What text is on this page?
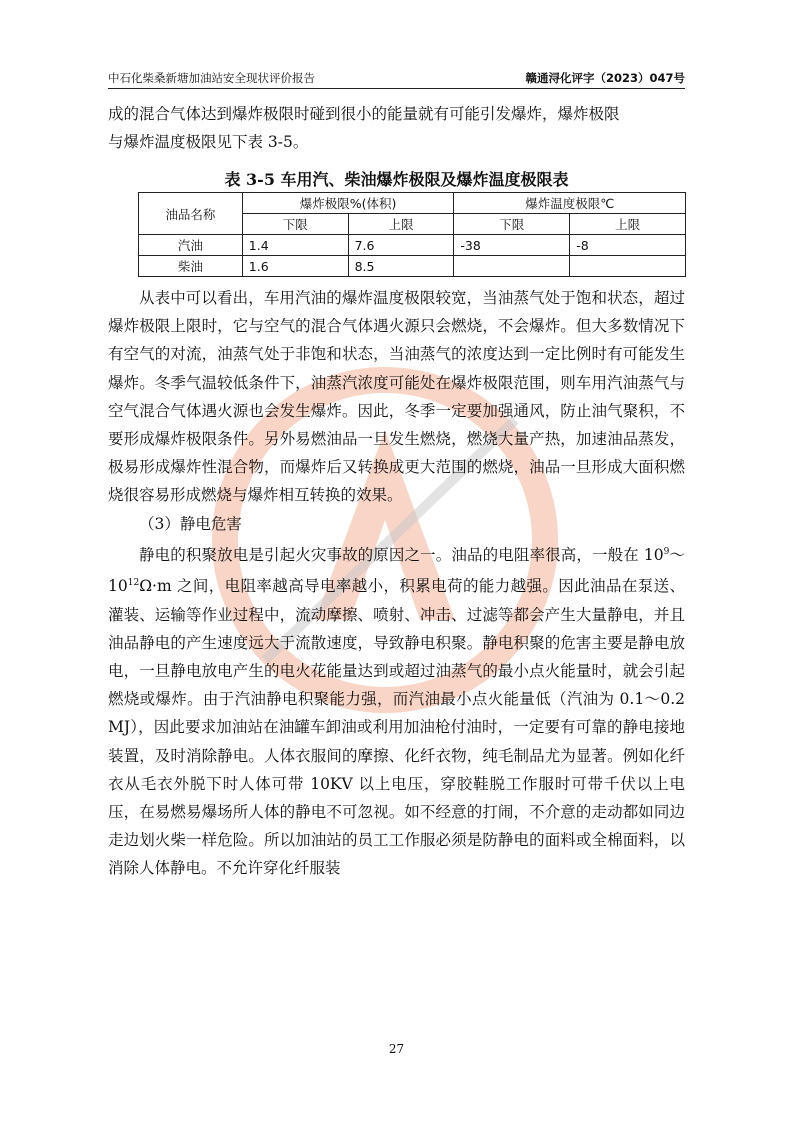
中石化柴桑新塘加油站安全现状评价报告	赣通浔化评字（2023）047号

成的混合气体达到爆炸极限时碰到很小的能量就有可能引发爆炸，爆炸极限

与爆炸温度极限见下表 3-5。

表 3-5 车用汽、柴油爆炸极限及爆炸温度极限表
油品名称	爆炸极限%(体积)		爆炸温度极限℃	
	下限	上限	下限	上限
汽油	1.4	7.6	-38	-8
柴油	1.6	8.5		

从表中可以看出，车用汽油的爆炸温度极限较宽，当油蒸气处于饱和状态，超过爆炸极限上限时，它与空气的混合气体遇火源只会燃烧，不会爆炸。但大多数情况下有空气的对流，油蒸气处于非饱和状态，当油蒸气的浓度达到一定比例时有可能发生爆炸。冬季气温较低条件下，油蒸汽浓度可能处在爆炸极限范围，则车用汽油蒸气与空气混合气体遇火源也会发生爆炸。因此，冬季一定要加强通风，防止油气聚积，不要形成爆炸极限条件。另外易燃油品一旦发生燃烧，燃烧大量产热，加速油品蒸发，极易形成爆炸性混合物，而爆炸后又转换成更大范围的燃烧，油品一旦形成大面积燃烧很容易形成燃烧与爆炸相互转换的效果。

（3）静电危害

静电的积聚放电是引起火灾事故的原因之一。油品的电阻率很高，一般在 $10^9\sim 10^{12}\Omega\cdot m$ 之间，电阻率越高导电率越小，积累电荷的能力越强。因此油品在泵送、灌装、运输等作业过程中，流动摩擦、喷射、冲击、过滤等都会产生大量静电，并且油品静电的产生速度远大于流散速度，导致静电积聚。静电积聚的危害主要是静电放电，一旦静电放电产生的电火花能量达到或超过油蒸气的最小点火能量时，就会引起燃烧或爆炸。由于汽油静电积聚能力强，而汽油最小点火能量低（汽油为 0.1～0.2 MJ），因此要求加油站在油罐车卸油或利用加油枪付油时，一定要有可靠的静电接地装置，及时消除静电。人体衣服间的摩擦、化纤衣物，纯毛制品尤为显著。例如化纤衣从毛衣外脱下时人体可带 10KV 以上电压，穿胶鞋脱工作服时可带千伏以上电压，在易燃易爆场所人体的静电不可忽视。如不经意的打闹，不介意的走动都如同边走边划火柴一样危险。所以加油站的员工工作服必须是防静电的面料或全棉面料，以消除人体静电。不允许穿化纤服装

27
